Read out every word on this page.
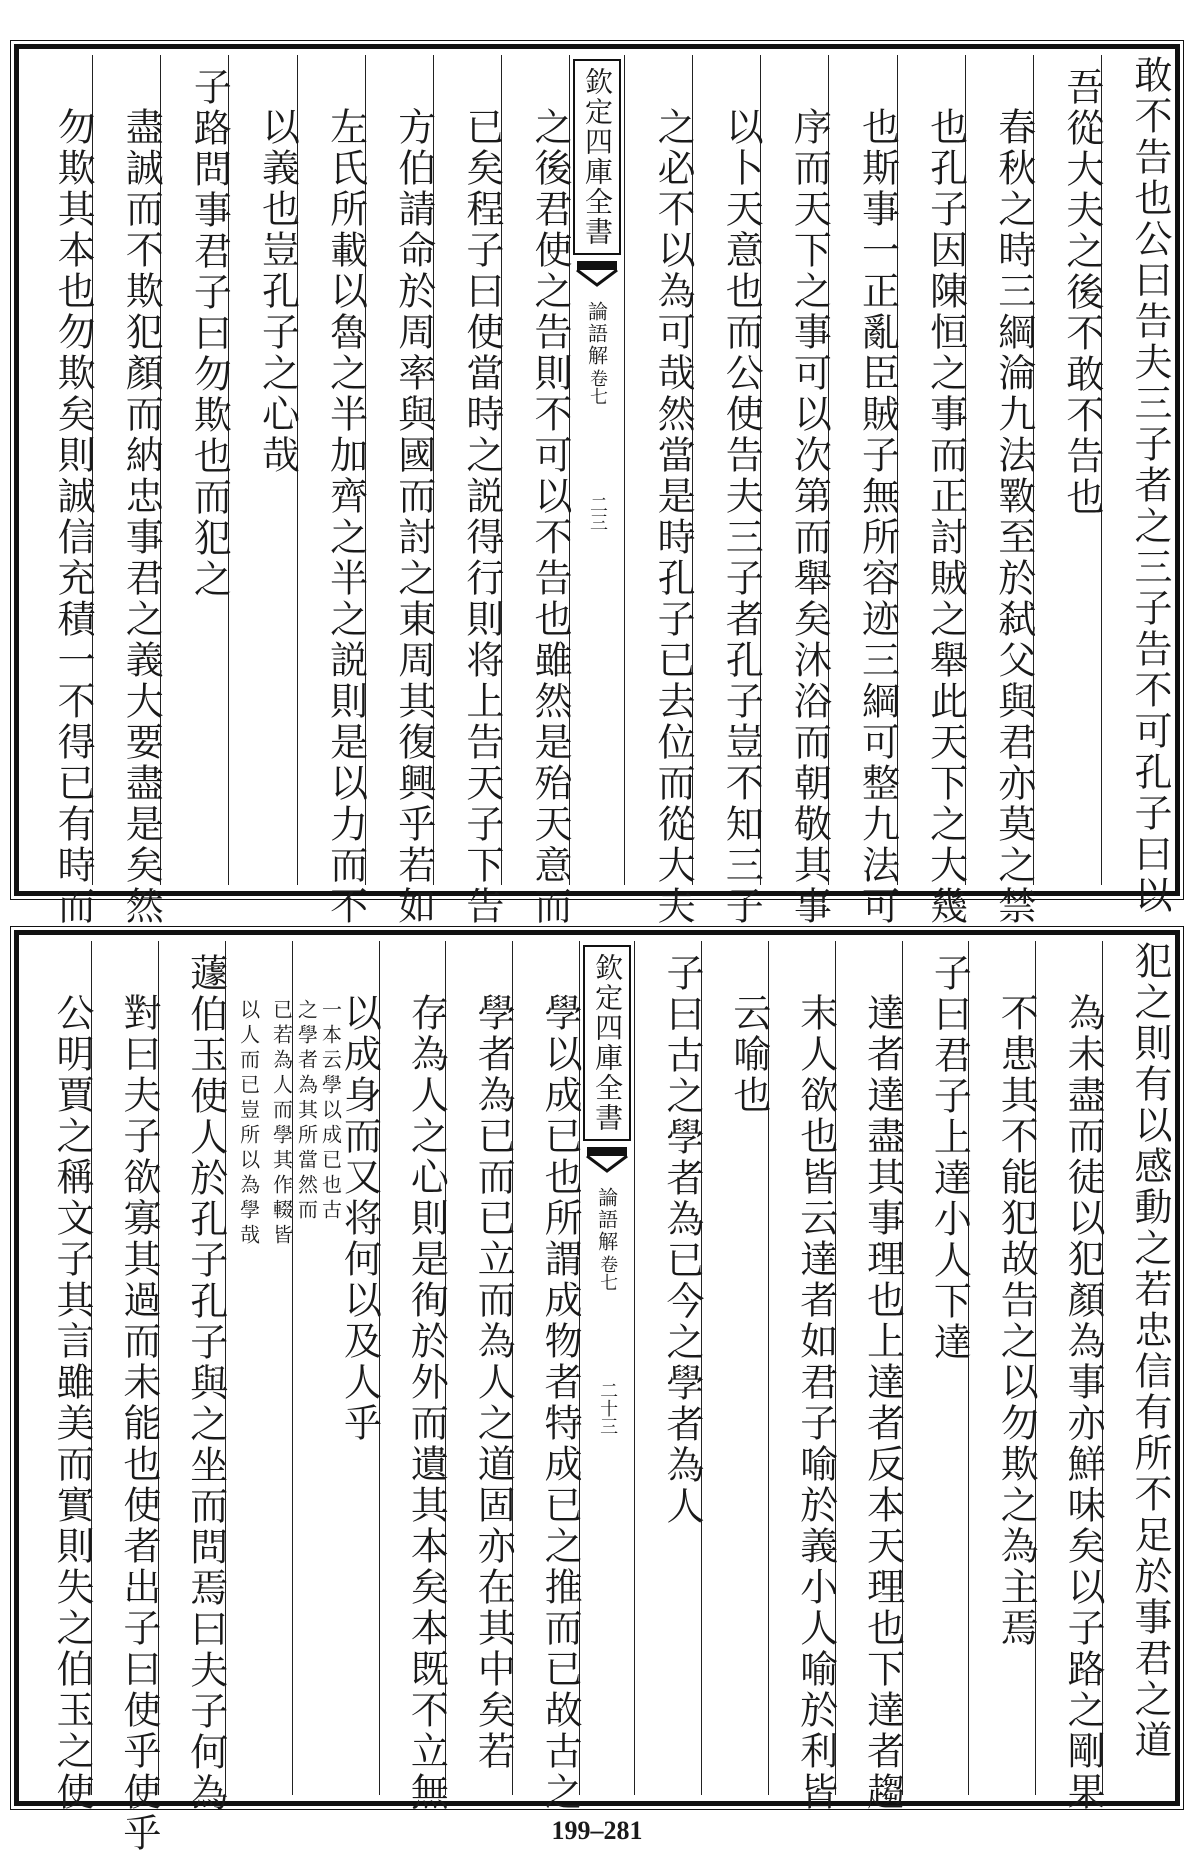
敢不告也公曰告夫三子者之三子告不可孔子曰以
吾從大夫之後不敢不告也
春秋之時三綱淪九法斁至於弑父與君亦莫之禁
也孔子因陳恒之事而正討賊之舉此天下之大幾
也斯事一正亂臣賊子無所容迹三綱可整九法可
序而天下之事可以次第而舉矣沐浴而朝敬其事
以卜天意也而公使告夫三子者孔子豈不知三子
之必不以為可哉然當是時孔子已去位而從大夫
欽定四庫全書
論語解
卷七
二三
之後君使之告則不可以不告也雖然是殆天意而
已矣程子曰使當時之説得行則将上告天子下告
方伯請命於周率與國而討之東周其復興乎若如
左氏所載以魯之半加齊之半之説則是以力而不
以義也豈孔子之心哉
子路問事君子曰勿欺也而犯之
盡誠而不欺犯顏而納忠事君之義大要盡是矣然
勿欺其本也勿欺矣則誠信充積一不得已有時而
犯之則有以感動之若忠信有所不足於事君之道
為未盡而徒以犯顏為事亦鮮味矣以子路之剛果
不患其不能犯故告之以勿欺之為主焉
子曰君子上達小人下達
達者達盡其事理也上達者反本天理也下達者趨
末人欲也皆云達者如君子喻於義小人喻於利皆
云喻也
子曰古之學者為已今之學者為人
欽定四庫全書
論語解
卷七
二十三
學以成已也所謂成物者特成已之推而已故古之
學者為已而已立而為人之道固亦在其中矣若
存為人之心則是徇於外而遺其本矣本既不立無
以成身而又将何以及人乎
一本云學以成已也古
之學者為其所當然而
已若為人而學其作輟皆
以人而已豈所以為學哉
蘧伯玉使人於孔子孔子與之坐而問焉曰夫子何為
對曰夫子欲寡其過而未能也使者出子曰使乎使乎
公明賈之稱文子其言雖美而實則失之伯玉之使
199–281
